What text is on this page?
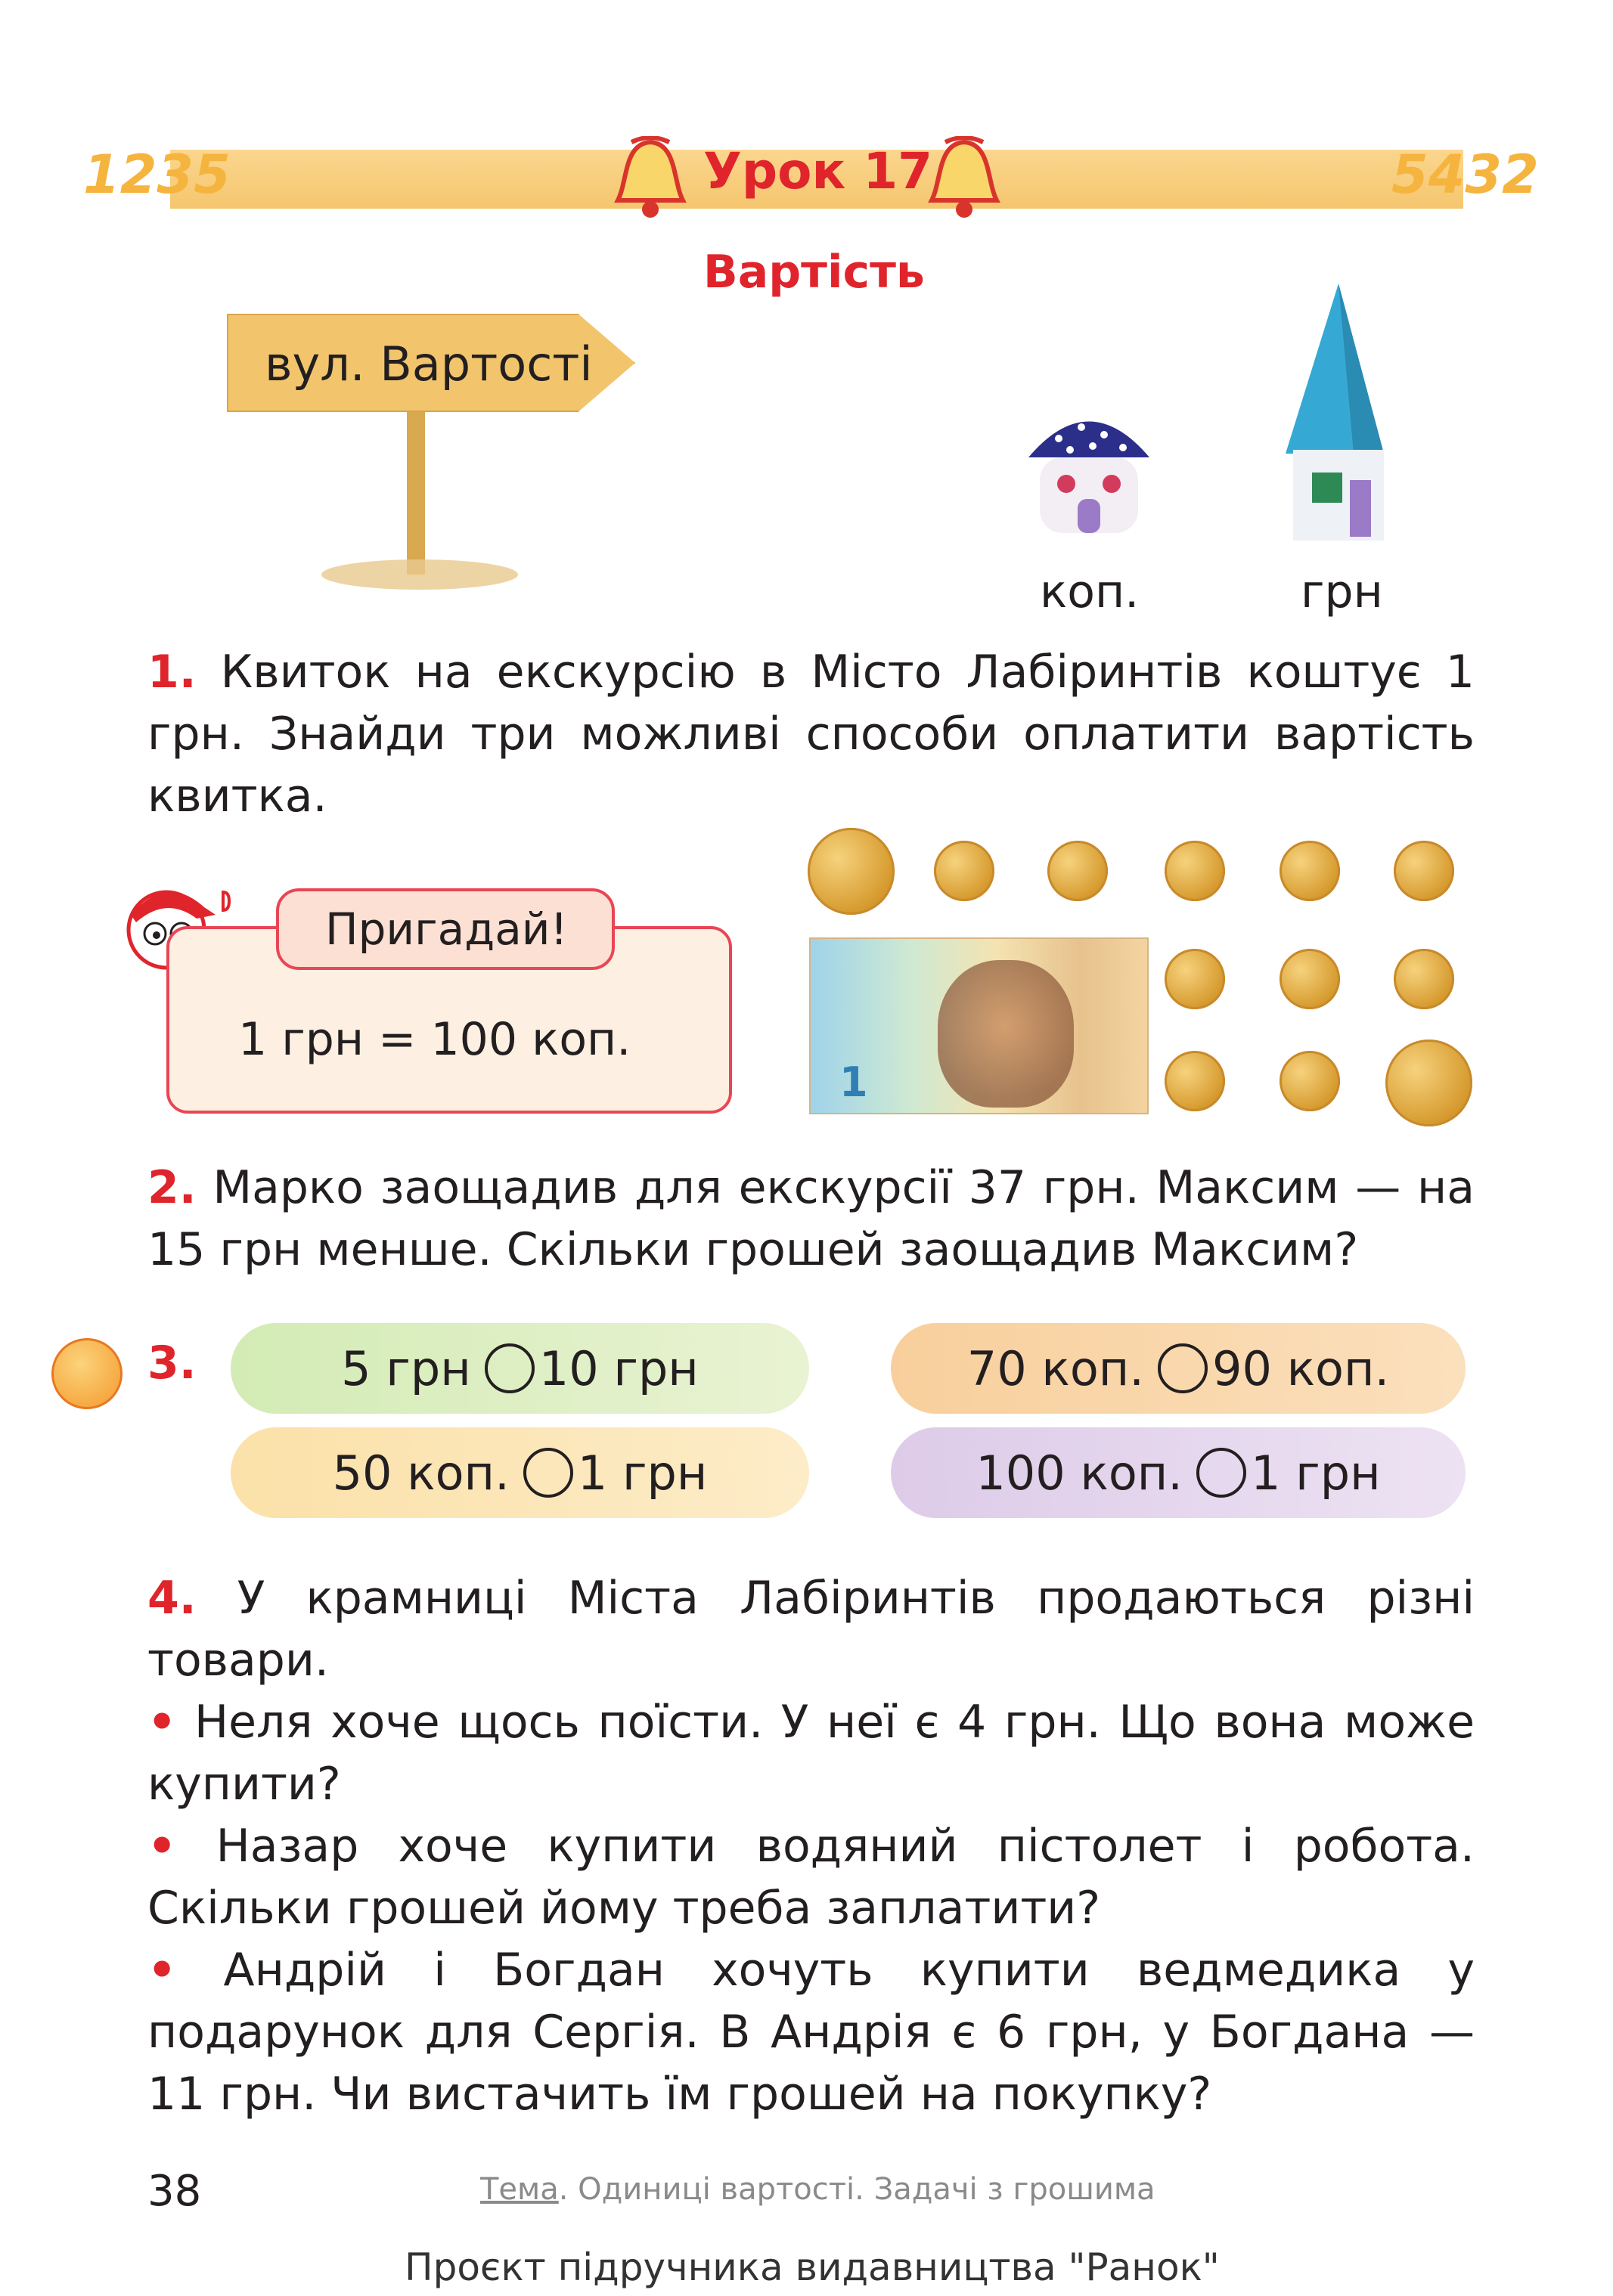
1235	5432
Урок 17
Вартість
вул. Вартості
коп.	грн
1. Квиток на екскурсію в Місто Лабіринтів коштує 1 грн. Знайди три можливі способи оплатити вартість квитка.
Пригадай!
1 грн = 100 коп.
1
2. Марко заощадив для екскурсії 37 грн. Максим — на 15 грн менше. Скільки грошей заощадив Максим?
3.	5 грн 10 грн	70 коп. 90 коп.
50 коп. 1 грн	100 коп. 1 грн
4. У крамниці Міста Лабіринтів продаються різні товари.
• Неля хоче щось поїсти. У неї є 4 грн. Що вона може купити?
• Назар хоче купити водяний пістолет і робота. Скільки грошей йому треба заплатити?
• Андрій і Богдан хочуть купити ведмедика у подарунок для Сергія. В Андрія є 6 грн, у Богдана — 11 грн. Чи вистачить їм грошей на покупку?
38	Тема. Одиниці вартості. Задачі з грошима
Проєкт підручника видавництва "Ранок"
